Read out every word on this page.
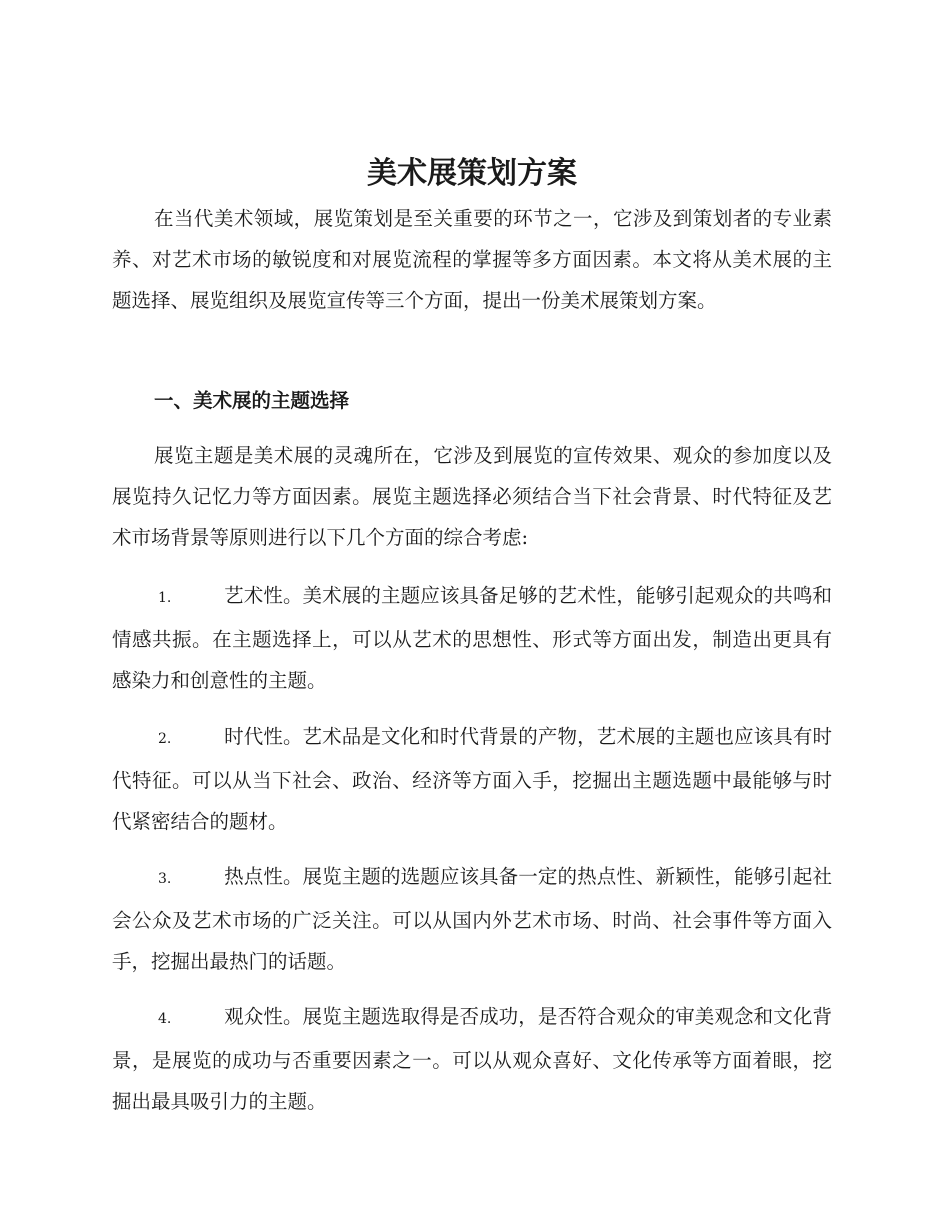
美术展策划方案

在当代美术领域，展览策划是至关重要的环节之一，它涉及到策划者的专业素养、对艺术市场的敏锐度和对展览流程的掌握等多方面因素。本文将从美术展的主题选择、展览组织及展览宣传等三个方面，提出一份美术展策划方案。

一、美术展的主题选择

展览主题是美术展的灵魂所在，它涉及到展览的宣传效果、观众的参加度以及展览持久记忆力等方面因素。展览主题选择必须结合当下社会背景、时代特征及艺术市场背景等原则进行以下几个方面的综合考虑:

1.	艺术性。美术展的主题应该具备足够的艺术性，能够引起观众的共鸣和情感共振。在主题选择上，可以从艺术的思想性、形式等方面出发，制造出更具有感染力和创意性的主题。

2.	时代性。艺术品是文化和时代背景的产物，艺术展的主题也应该具有时代特征。可以从当下社会、政治、经济等方面入手，挖掘出主题选题中最能够与时代紧密结合的题材。

3.	热点性。展览主题的选题应该具备一定的热点性、新颖性，能够引起社会公众及艺术市场的广泛关注。可以从国内外艺术市场、时尚、社会事件等方面入手，挖掘出最热门的话题。

4.	观众性。展览主题选取得是否成功，是否符合观众的审美观念和文化背景，是展览的成功与否重要因素之一。可以从观众喜好、文化传承等方面着眼，挖掘出最具吸引力的主题。
